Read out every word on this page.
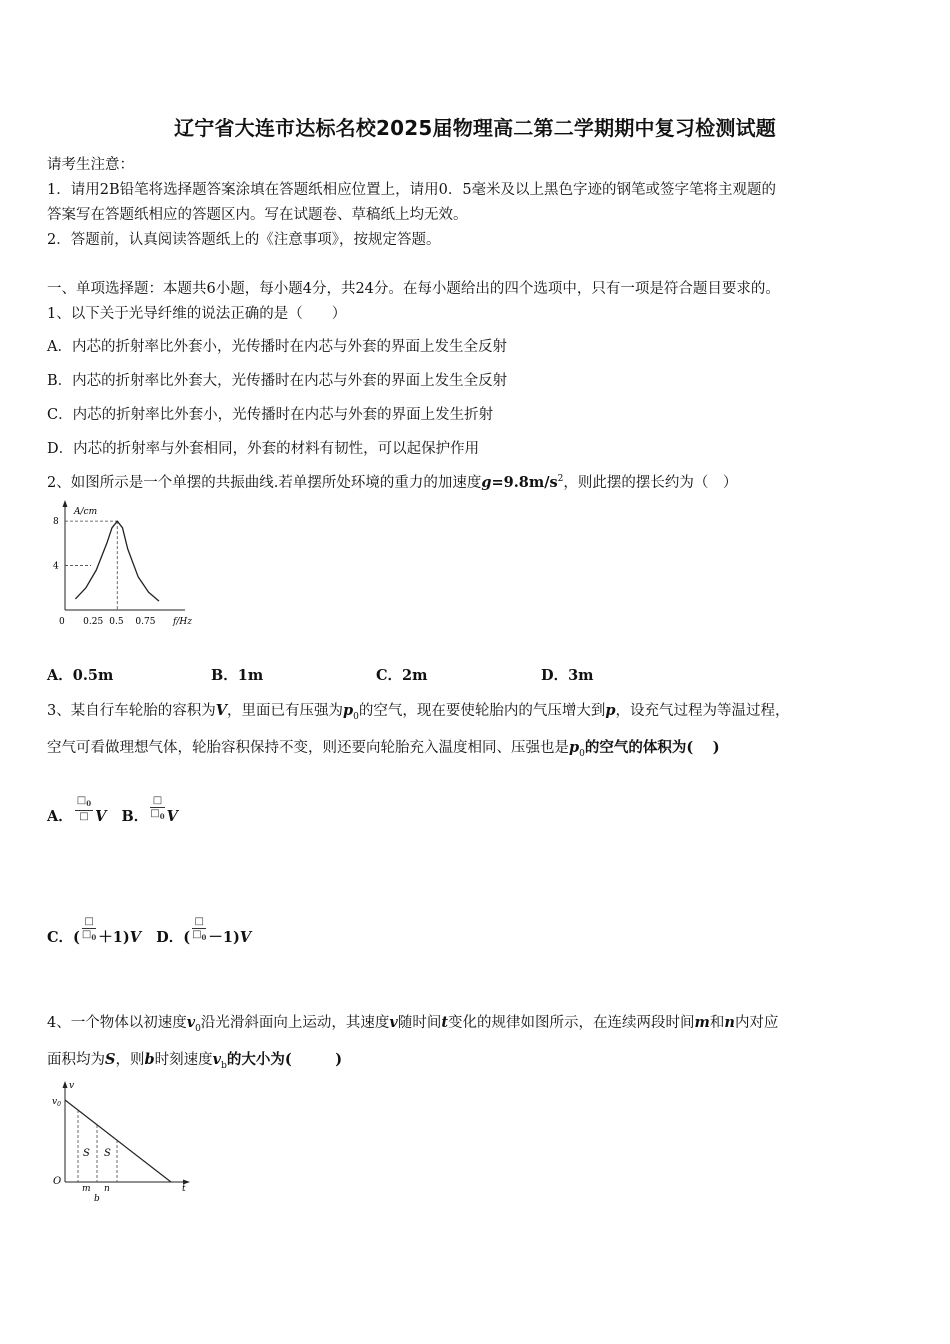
辽宁省大连市达标名校2025届物理高二第二学期期中复习检测试题
请考生注意：
1．请用2B铅笔将选择题答案涂填在答题纸相应位置上，请用0．5毫米及以上黑色字迹的钢笔或签字笔将主观题的
答案写在答题纸相应的答题区内。写在试题卷、草稿纸上均无效。
2．答题前，认真阅读答题纸上的《注意事项》，按规定答题。
一、单项选择题：本题共6小题，每小题4分，共24分。在每小题给出的四个选项中，只有一项是符合题目要求的。
1、以下关于光导纤维的说法正确的是（　　）
A．内芯的折射率比外套小，光传播时在内芯与外套的界面上发生全反射
B．内芯的折射率比外套大，光传播时在内芯与外套的界面上发生全反射
C．内芯的折射率比外套小，光传播时在内芯与外套的界面上发生折射
D．内芯的折射率与外套相同，外套的材料有韧性，可以起保护作用
2、如图所示是一个单摆的共振曲线.若单摆所处环境的重力的加速度$g=9.8m/s^2$，则此摆的摆长约为（　）
A/cm
f/Hz
8
4
0 0.25 0.5 0.75
A．0.5m	B．1m	C．2m	D．3m
3、某自行车轮胎的容积为V，里面已有压强为$p_0$的空气，现在要使轮胎内的气压增大到p，设充气过程为等温过程，
空气可看做理想气体，轮胎容积保持不变，则还要向轮胎充入温度相同、压强也是$p_0$的空气的体积为(　 )
A． $\frac{□_0}{□}$ V B． $\frac{□}{□_0}$ V
C．( $\frac{□}{□_0} +1)V$ D．( $\frac{□}{□_0} -1)V$
4、一个物体以初速度$v_0$沿光滑斜面向上运动，其速度v随时间t变化的规律如图所示，在连续两段时间m和n内对应
面积均为S，则b时刻速度$v_b$的大小为(　　　)
v
$v_0$
O
t
S S
m n
b
